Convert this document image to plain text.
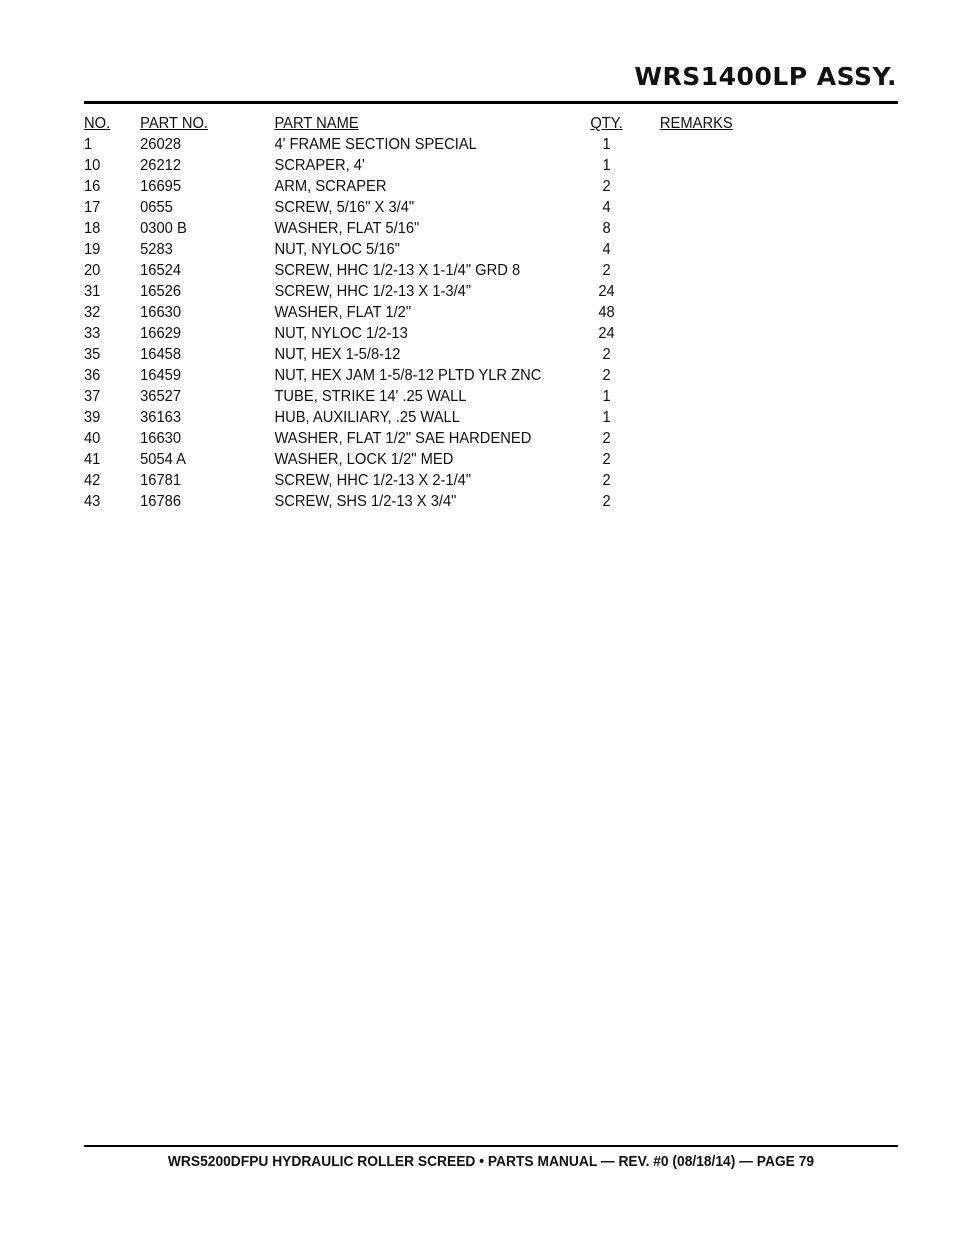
WRS1400LP ASSY.
NO.	PART NO.	PART NAME	QTY.	REMARKS
1	26028	4' FRAME SECTION SPECIAL	1	
10	26212	SCRAPER, 4'	1	
16	16695	ARM, SCRAPER	2	
17	0655	SCREW, 5/16" X 3/4"	4	
18	0300 B	WASHER, FLAT 5/16"	8	
19	5283	NUT, NYLOC 5/16"	4	
20	16524	SCREW, HHC 1/2-13 X 1-1/4" GRD 8	2	
31	16526	SCREW, HHC 1/2-13 X 1-3/4"	24	
32	16630	WASHER, FLAT 1/2"	48	
33	16629	NUT, NYLOC 1/2-13	24	
35	16458	NUT, HEX 1-5/8-12	2	
36	16459	NUT, HEX JAM 1-5/8-12 PLTD YLR ZNC	2	
37	36527	TUBE, STRIKE 14' .25 WALL	1	
39	36163	HUB, AUXILIARY, .25 WALL	1	
40	16630	WASHER, FLAT 1/2" SAE HARDENED	2	
41	5054 A	WASHER, LOCK 1/2" MED	2	
42	16781	SCREW, HHC 1/2-13 X 2-1/4"	2	
43	16786	SCREW, SHS 1/2-13 X 3/4"	2	
WRS5200DFPU HYDRAULIC ROLLER SCREED • PARTS MANUAL — REV. #0 (08/18/14) — PAGE 79
